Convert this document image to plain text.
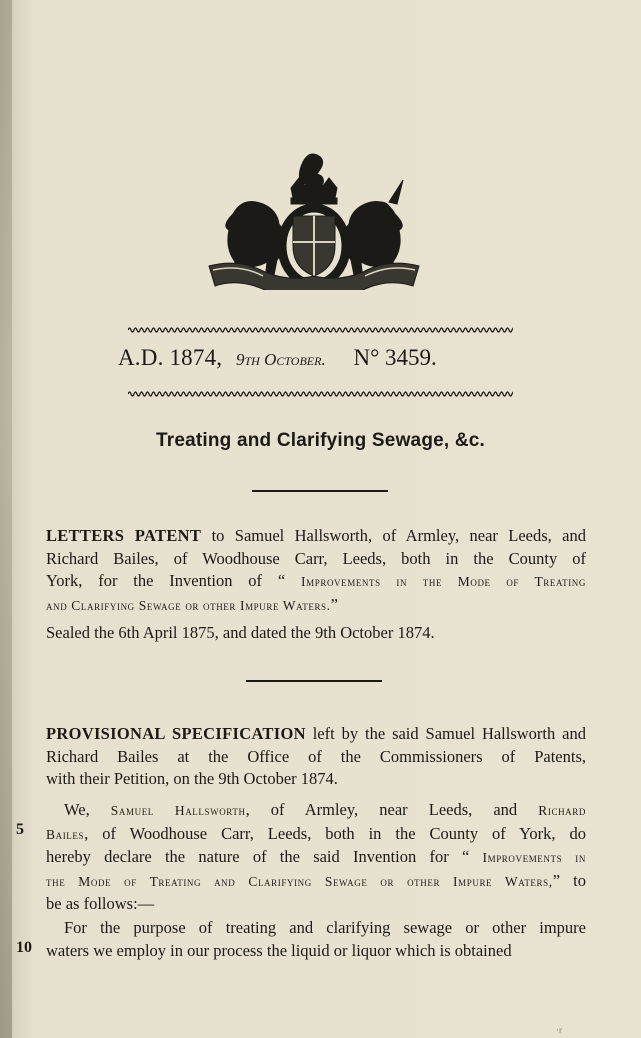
A.D. 1874, 9th October. N° 3459.
Treating and Clarifying Sewage, &c.
LETTERS PATENT to Samuel Hallsworth, of Armley, near Leeds, and
Richard Bailes, of Woodhouse Carr, Leeds, both in the County of
York, for the Invention of “ Improvements in the Mode of Treating
and Clarifying Sewage or other Impure Waters.”
Sealed the 6th April 1875, and dated the 9th October 1874.
PROVISIONAL SPECIFICATION left by the said Samuel Hallsworth and
Richard Bailes at the Office of the Commissioners of Patents,
with their Petition, on the 9th October 1874.
We, Samuel Hallsworth, of Armley, near Leeds, and Richard
Bailes, of Woodhouse Carr, Leeds, both in the County of York, do
hereby declare the nature of the said Invention for “ Improvements in
the Mode of Treating and Clarifying Sewage or other Impure Waters,” to
be as follows:—
For the purpose of treating and clarifying sewage or other impure
waters we employ in our process the liquid or liquor which is obtained
5
10
·r
